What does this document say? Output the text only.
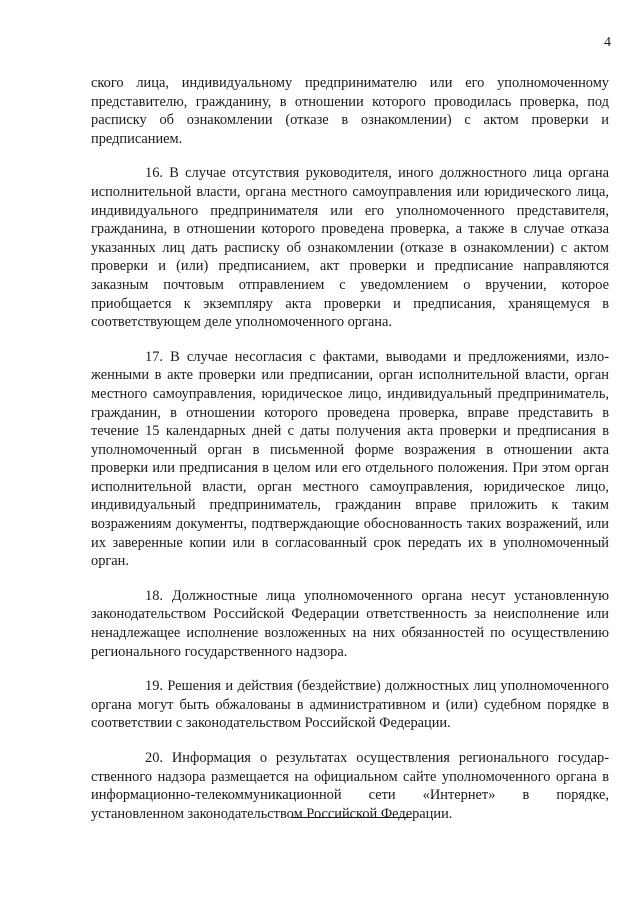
4

ского лица, индивидуальному предпринимателю или его уполномоченному представителю, гражданину, в отношении которого проводилась проверка, под расписку об ознакомлении (отказе в ознакомлении) с актом проверки и предписанием.

16. В случае отсутствия руководителя, иного должностного лица органа исполнительной власти, органа местного самоуправления или юридического лица, индивидуального предпринимателя или его уполномоченного представителя, гражданина, в отношении которого проведена проверка, а также в случае отказа указанных лиц дать расписку об ознакомлении (отказе в ознакомлении) с актом проверки и (или) предписанием, акт проверки и предписание направляются заказным почтовым отправлением с уведомлением о вручении, которое приобщается к экземпляру акта проверки и предписания, хранящемуся в соответствующем деле уполномоченного органа.

17. В случае несогласия с фактами, выводами и предложениями, изложенными в акте проверки или предписании, орган исполнительной власти, орган местного самоуправления, юридическое лицо, индивидуальный предприниматель, гражданин, в отношении которого проведена проверка, вправе представить в течение 15 календарных дней с даты получения акта проверки и предписания в уполномоченный орган в письменной форме возражения в отношении акта проверки или предписания в целом или его отдельного положения. При этом орган исполнительной власти, орган местного самоуправления, юридическое лицо, индивидуальный предприниматель, гражданин вправе приложить к таким возражениям документы, подтверждающие обоснованность таких возражений, или их заверенные копии или в согласованный срок передать их в уполномоченный орган.

18. Должностные лица уполномоченного органа несут установленную законодательством Российской Федерации ответственность за неисполнение или ненадлежащее исполнение возложенных на них обязанностей по осуществлению регионального государственного надзора.

19. Решения и действия (бездействие) должностных лиц уполномоченного органа могут быть обжалованы в административном и (или) судебном порядке в соответствии с законодательством Российской Федерации.

20. Информация о результатах осуществления регионального государственного надзора размещается на официальном сайте уполномоченного органа в информационно-телекоммуникационной сети «Интернет» в порядке, установленном законодательством Российской Федерации.
